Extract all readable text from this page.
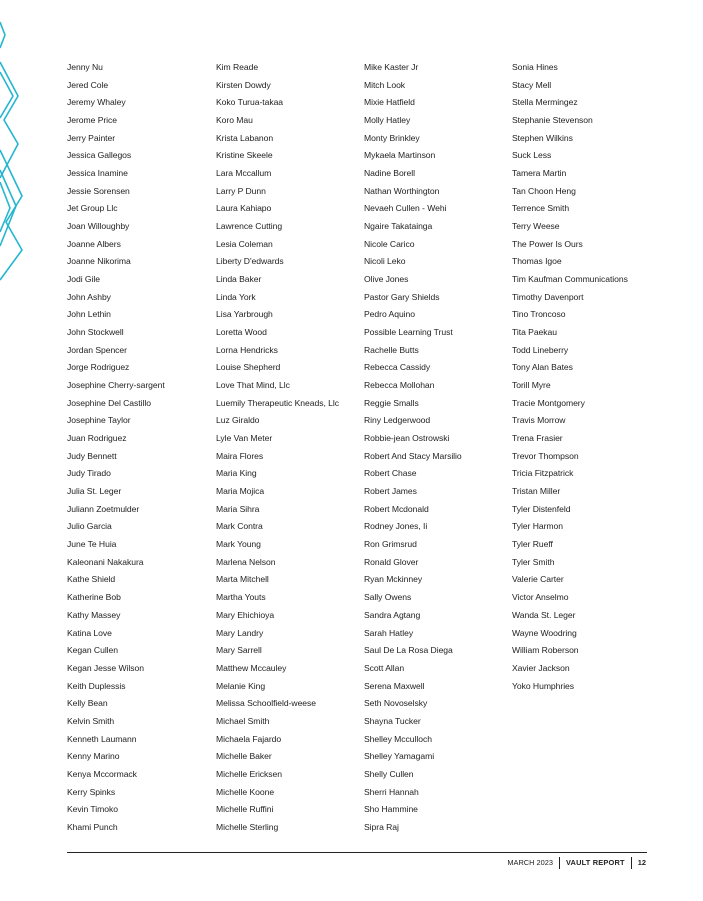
Jenny Nu
Jered Cole
Jeremy Whaley
Jerome Price
Jerry Painter
Jessica Gallegos
Jessica Inamine
Jessie Sorensen
Jet Group Llc
Joan Willoughby
Joanne Albers
Joanne Nikorima
Jodi Gile
John Ashby
John Lethin
John Stockwell
Jordan Spencer
Jorge Rodriguez
Josephine Cherry-sargent
Josephine Del Castillo
Josephine Taylor
Juan Rodriguez
Judy Bennett
Judy Tirado
Julia St. Leger
Juliann Zoetmulder
Julio Garcia
June Te Huia
Kaleonani Nakakura
Kathe Shield
Katherine Bob
Kathy Massey
Katina Love
Kegan Cullen
Kegan Jesse Wilson
Keith Duplessis
Kelly Bean
Kelvin Smith
Kenneth Laumann
Kenny Marino
Kenya Mccormack
Kerry Spinks
Kevin Timoko
Khami Punch
Kim Reade
Kirsten Dowdy
Koko Turua-takaa
Koro Mau
Krista Labanon
Kristine Skeele
Lara Mccallum
Larry P Dunn
Laura Kahiapo
Lawrence Cutting
Lesia Coleman
Liberty D'edwards
Linda Baker
Linda York
Lisa Yarbrough
Loretta Wood
Lorna Hendricks
Louise Shepherd
Love That Mind, Llc
Luemily Therapeutic Kneads, Llc
Luz Giraldo
Lyle Van Meter
Maira Flores
Maria King
Maria Mojica
Maria Sihra
Mark Contra
Mark Young
Marlena Nelson
Marta Mitchell
Martha Youts
Mary Ehichioya
Mary Landry
Mary Sarrell
Matthew Mccauley
Melanie King
Melissa Schoolfield-weese
Michael Smith
Michaela Fajardo
Michelle Baker
Michelle Ericksen
Michelle Koone
Michelle Ruffini
Michelle Sterling
Mike Kaster Jr
Mitch Look
Mixie Hatfield
Molly Hatley
Monty Brinkley
Mykaela Martinson
Nadine Borell
Nathan Worthington
Nevaeh Cullen - Wehi
Ngaire Takatainga
Nicole Carico
Nicoli Leko
Olive Jones
Pastor Gary Shields
Pedro Aquino
Possible Learning Trust
Rachelle Butts
Rebecca Cassidy
Rebecca Mollohan
Reggie Smalls
Riny Ledgerwood
Robbie-jean Ostrowski
Robert And Stacy Marsilio
Robert Chase
Robert James
Robert Mcdonald
Rodney Jones, Ii
Ron Grimsrud
Ronald Glover
Ryan Mckinney
Sally Owens
Sandra Agtang
Sarah Hatley
Saul De La Rosa Diega
Scott Allan
Serena Maxwell
Seth Novoselsky
Shayna Tucker
Shelley Mcculloch
Shelley Yamagami
Shelly Cullen
Sherri Hannah
Sho Hammine
Sipra Raj
Sonia Hines
Stacy Mell
Stella Mermingez
Stephanie Stevenson
Stephen Wilkins
Suck Less
Tamera Martin
Tan Choon Heng
Terrence Smith
Terry Weese
The Power Is Ours
Thomas Igoe
Tim Kaufman Communications
Timothy Davenport
Tino Troncoso
Tita Paekau
Todd Lineberry
Tony Alan Bates
Torill Myre
Tracie Montgomery
Travis Morrow
Trena Frasier
Trevor Thompson
Tricia Fitzpatrick
Tristan Miller
Tyler Distenfeld
Tyler Harmon
Tyler Rueff
Tyler Smith
Valerie Carter
Victor Anselmo
Wanda St. Leger
Wayne Woodring
William Roberson
Xavier Jackson
Yoko Humphries
MARCH 2023 VAULT REPORT 12
